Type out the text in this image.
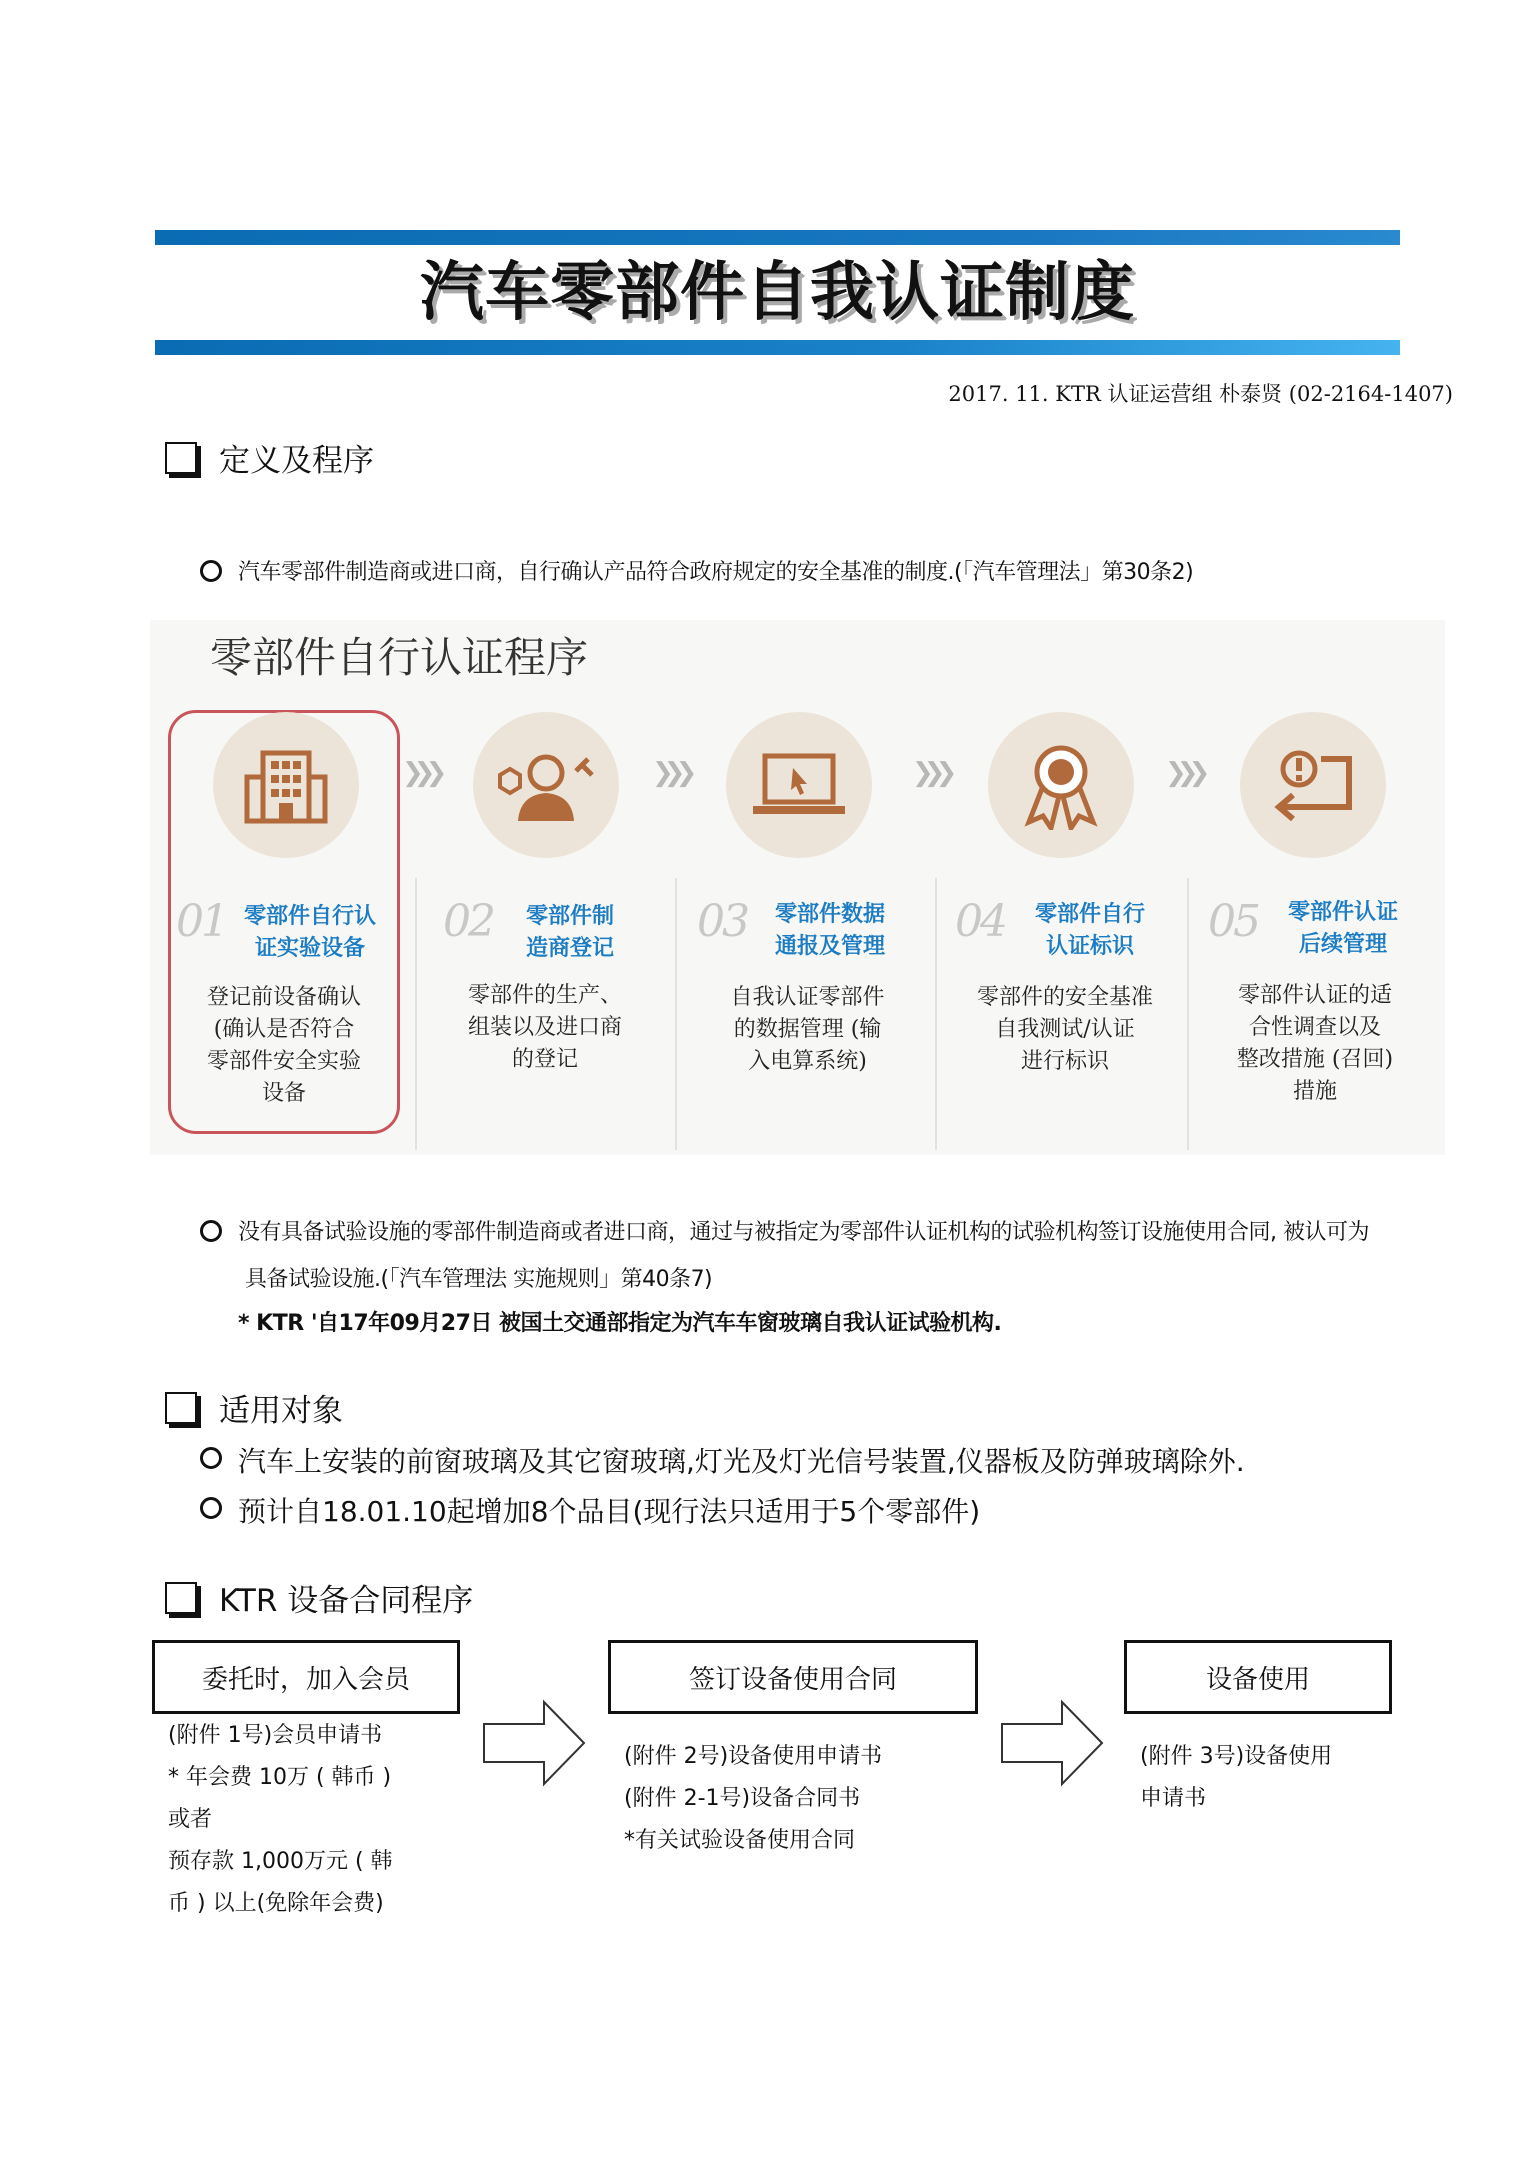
汽车零部件自我认证制度
2017. 11. KTR 认证运营组 朴泰贤 (02-2164-1407)
定义及程序
汽车零部件制造商或进口商，自行确认产品符合政府规定的安全基准的制度.(「汽车管理法」第30条2)
零部件自行认证程序
❯❯❯	❯❯❯	❯❯❯	❯❯❯
01 零部件自行认
证实验设备
登记前设备确认
(确认是否符合
零部件安全实验
设备
02	零部件制
造商登记
零部件的生产、
组装以及进口商
的登记
03	零部件数据
通报及管理
自我认证零部件
的数据管理 (输
入电算系统)
04	零部件自行
认证标识
零部件的安全基准
自我测试/认证
进行标识
05	零部件认证
后续管理
零部件认证的适
合性调查以及
整改措施 (召回)
措施
没有具备试验设施的零部件制造商或者进口商，通过与被指定为零部件认证机构的试验机构签订设施使用合同, 被认可为
具备试验设施.(「汽车管理法 实施规则」第40条7)
* KTR '自17年09月27日 被国土交通部指定为汽车车窗玻璃自我认证试验机构.
适用对象
汽车上安装的前窗玻璃及其它窗玻璃,灯光及灯光信号装置,仪器板及防弹玻璃除外.
预计自18.01.10起增加8个品目(现行法只适用于5个零部件)
KTR 设备合同程序
委托时，加入会员
(附件 1号)会员申请书
* 年会费 10万 ( 韩币 )
或者
预存款 1,000万元 ( 韩
币 ) 以上(免除年会费)
签订设备使用合同
(附件 2号)设备使用申请书
(附件 2-1号)设备合同书
*有关试验设备使用合同
设备使用
(附件 3号)设备使用
申请书
